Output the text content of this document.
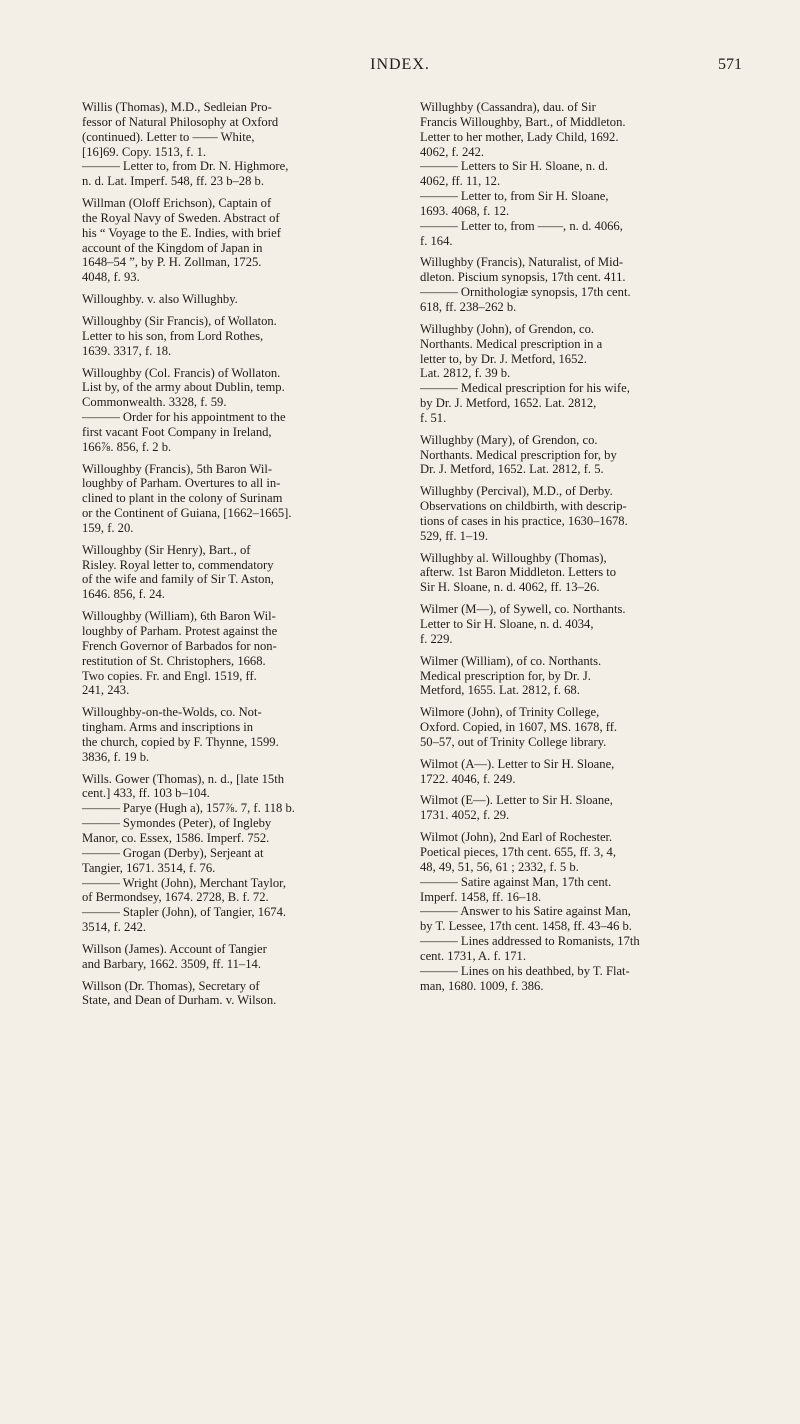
INDEX.	571
Willis (Thomas), M.D., Sedleian Pro-
fessor of Natural Philosophy at Oxford
(continued). Letter to —— White,
[16]69. Copy. 1513, f. 1.
——— Letter to, from Dr. N. Highmore,
n. d. Lat. Imperf. 548, ff. 23 b–28 b.
Willman (Oloff Erichson), Captain of
the Royal Navy of Sweden. Abstract of
his “ Voyage to the E. Indies, with brief
account of the Kingdom of Japan in
1648–54 ”, by P. H. Zollman, 1725.
4048, f. 93.
Willoughby. v. also Willughby.
Willoughby (Sir Francis), of Wollaton.
Letter to his son, from Lord Rothes,
1639. 3317, f. 18.
Willoughby (Col. Francis) of Wollaton.
List by, of the army about Dublin, temp.
Commonwealth. 3328, f. 59.
——— Order for his appointment to the
first vacant Foot Company in Ireland,
166⅞. 856, f. 2 b.
Willoughby (Francis), 5th Baron Wil-
loughby of Parham. Overtures to all in-
clined to plant in the colony of Surinam
or the Continent of Guiana, [1662–1665].
159, f. 20.
Willoughby (Sir Henry), Bart., of
Risley. Royal letter to, commendatory
of the wife and family of Sir T. Aston,
1646. 856, f. 24.
Willoughby (William), 6th Baron Wil-
loughby of Parham. Protest against the
French Governor of Barbados for non-
restitution of St. Christophers, 1668.
Two copies. Fr. and Engl. 1519, ff.
241, 243.
Willoughby-on-the-Wolds, co. Not-
tingham. Arms and inscriptions in
the church, copied by F. Thynne, 1599.
3836, f. 19 b.
Wills. Gower (Thomas), n. d., [late 15th
cent.] 433, ff. 103 b–104.
——— Parye (Hugh a), 157⅞. 7, f. 118 b.
——— Symondes (Peter), of Ingleby
Manor, co. Essex, 1586. Imperf. 752.
——— Grogan (Derby), Serjeant at
Tangier, 1671. 3514, f. 76.
——— Wright (John), Merchant Taylor,
of Bermondsey, 1674. 2728, B. f. 72.
——— Stapler (John), of Tangier, 1674.
3514, f. 242.
Willson (James). Account of Tangier
and Barbary, 1662. 3509, ff. 11–14.
Willson (Dr. Thomas), Secretary of
State, and Dean of Durham. v. Wilson.
Willughby (Cassandra), dau. of Sir
Francis Willoughby, Bart., of Middleton.
Letter to her mother, Lady Child, 1692.
4062, f. 242.
——— Letters to Sir H. Sloane, n. d.
4062, ff. 11, 12.
——— Letter to, from Sir H. Sloane,
1693. 4068, f. 12.
——— Letter to, from ——, n. d. 4066,
f. 164.
Willughby (Francis), Naturalist, of Mid-
dleton. Piscium synopsis, 17th cent. 411.
——— Ornithologiæ synopsis, 17th cent.
618, ff. 238–262 b.
Willughby (John), of Grendon, co.
Northants. Medical prescription in a
letter to, by Dr. J. Metford, 1652.
Lat. 2812, f. 39 b.
——— Medical prescription for his wife,
by Dr. J. Metford, 1652. Lat. 2812,
f. 51.
Willughby (Mary), of Grendon, co.
Northants. Medical prescription for, by
Dr. J. Metford, 1652. Lat. 2812, f. 5.
Willughby (Percival), M.D., of Derby.
Observations on childbirth, with descrip-
tions of cases in his practice, 1630–1678.
529, ff. 1–19.
Willughby al. Willoughby (Thomas),
afterw. 1st Baron Middleton. Letters to
Sir H. Sloane, n. d. 4062, ff. 13–26.
Wilmer (M—), of Sywell, co. Northants.
Letter to Sir H. Sloane, n. d. 4034,
f. 229.
Wilmer (William), of co. Northants.
Medical prescription for, by Dr. J.
Metford, 1655. Lat. 2812, f. 68.
Wilmore (John), of Trinity College,
Oxford. Copied, in 1607, MS. 1678, ff.
50–57, out of Trinity College library.
Wilmot (A—). Letter to Sir H. Sloane,
1722. 4046, f. 249.
Wilmot (E—). Letter to Sir H. Sloane,
1731. 4052, f. 29.
Wilmot (John), 2nd Earl of Rochester.
Poetical pieces, 17th cent. 655, ff. 3, 4,
48, 49, 51, 56, 61 ; 2332, f. 5 b.
——— Satire against Man, 17th cent.
Imperf. 1458, ff. 16–18.
——— Answer to his Satire against Man,
by T. Lessee, 17th cent. 1458, ff. 43–46 b.
——— Lines addressed to Romanists, 17th
cent. 1731, A. f. 171.
——— Lines on his deathbed, by T. Flat-
man, 1680. 1009, f. 386.
